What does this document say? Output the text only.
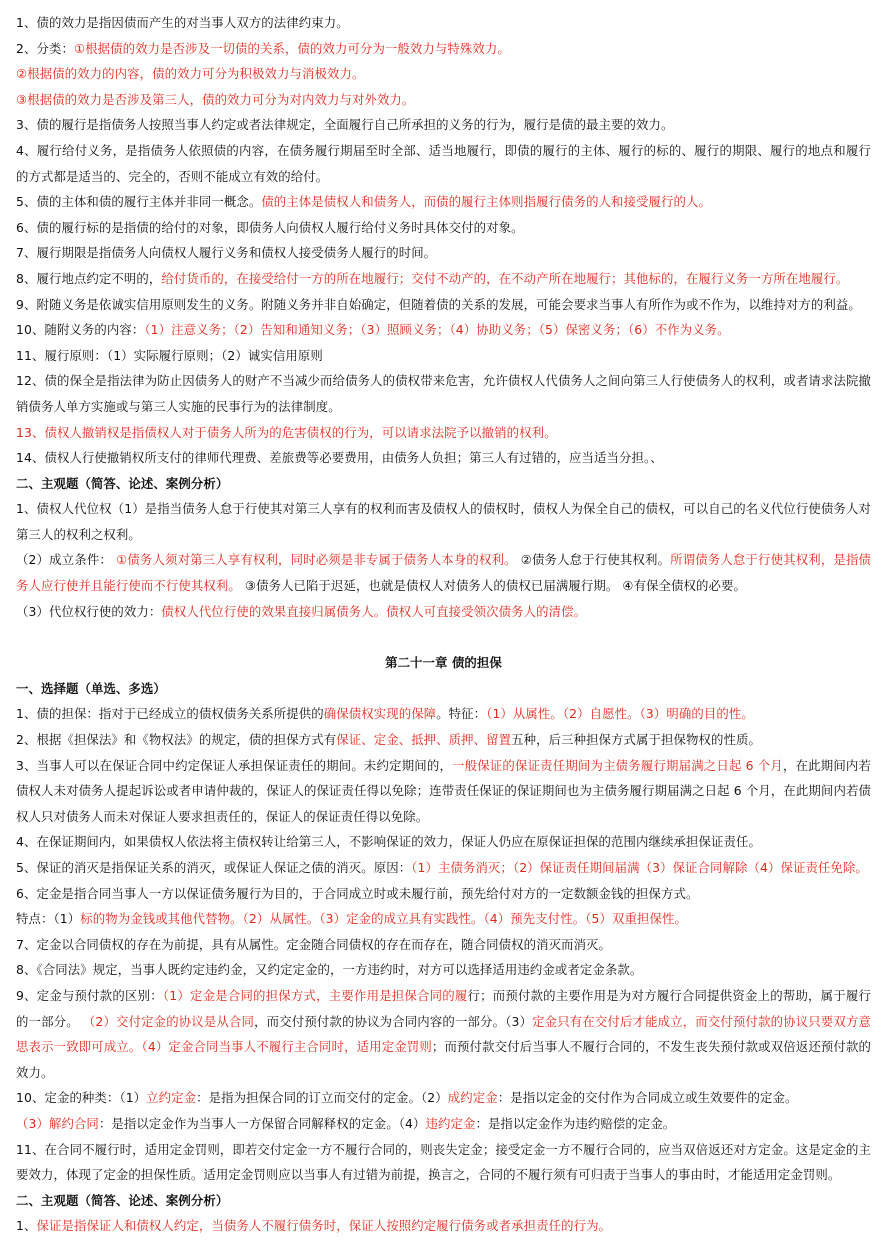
1、债的效力是指因债而产生的对当事人双方的法律约束力。

2、分类：①根据债的效力是否涉及一切债的关系，债的效力可分为一般效力与特殊效力。

②根据债的效力的内容，债的效力可分为积极效力与消极效力。

③根据债的效力是否涉及第三人，债的效力可分为对内效力与对外效力。

3、债的履行是指债务人按照当事人约定或者法律规定，全面履行自己所承担的义务的行为，履行是债的最主要的效力。

4、履行给付义务，是指债务人依照债的内容，在债务履行期届至时全部、适当地履行，即债的履行的主体、履行的标的、履行的期限、履行的地点和履行的方式都是适当的、完全的，否则不能成立有效的给付。

5、债的主体和债的履行主体并非同一概念。债的主体是债权人和债务人，而债的履行主体则指履行债务的人和接受履行的人。

6、债的履行标的是指债的给付的对象，即债务人向债权人履行给付义务时具体交付的对象。

7、履行期限是指债务人向债权人履行义务和债权人接受债务人履行的时间。

8、履行地点约定不明的，给付货币的，在接受给付一方的所在地履行；交付不动产的，在不动产所在地履行；其他标的，在履行义务一方所在地履行。

9、附随义务是依诚实信用原则发生的义务。附随义务并非自始确定，但随着债的关系的发展，可能会要求当事人有所作为或不作为，以维持对方的利益。

10、随附义务的内容：（1）注意义务；（2）告知和通知义务；（3）照顾义务；（4）协助义务；（5）保密义务；（6）不作为义务。

11、履行原则：（1）实际履行原则；（2）诚实信用原则

12、债的保全是指法律为防止因债务人的财产不当减少而给债务人的债权带来危害，允许债权人代债务人之间向第三人行使债务人的权利，或者请求法院撤销债务人单方实施或与第三人实施的民事行为的法律制度。

13、债权人撤销权是指债权人对于债务人所为的危害债权的行为，可以请求法院予以撤销的权利。

14、债权人行使撤销权所支付的律师代理费、差旅费等必要费用，由债务人负担；第三人有过错的，应当适当分担。、

二、主观题（简答、论述、案例分析）

1、债权人代位权（1）是指当债务人怠于行使其对第三人享有的权利而害及债权人的债权时，债权人为保全自己的债权，可以自己的名义代位行使债务人对第三人的权利之权利。

（2）成立条件： ①债务人须对第三人享有权利，同时必须是非专属于债务人本身的权利。 ②债务人怠于行使其权利。所谓债务人怠于行使其权利，是指债务人应行使并且能行使而不行使其权利。 ③债务人已陷于迟延，也就是债权人对债务人的债权已届满履行期。 ④有保全债权的必要。

（3）代位权行使的效力：债权人代位行使的效果直接归属债务人。债权人可直接受领次债务人的清偿。

第二十一章 债的担保

一、选择题（单选、多选）

1、债的担保：指对于已经成立的债权债务关系所提供的确保债权实现的保障。特征：（1）从属性。（2）自愿性。（3）明确的目的性。

2、根据《担保法》和《物权法》的规定，债的担保方式有保证、定金、抵押、质押、留置五种，后三种担保方式属于担保物权的性质。

3、当事人可以在保证合同中约定保证人承担保证责任的期间。未约定期间的，一般保证的保证责任期间为主债务履行期届满之日起 6 个月，在此期间内若债权人未对债务人提起诉讼或者申请仲裁的，保证人的保证责任得以免除；连带责任保证的保证期间也为主债务履行期届满之日起 6 个月，在此期间内若债权人只对债务人而未对保证人要求担责任的，保证人的保证责任得以免除。

4、在保证期间内，如果债权人依法将主债权转让给第三人，不影响保证的效力，保证人仍应在原保证担保的范围内继续承担保证责任。

5、保证的消灭是指保证关系的消灭，或保证人保证之债的消灭。原因：（1）主债务消灭；（2）保证责任期间届满（3）保证合同解除（4）保证责任免除。

6、定金是指合同当事人一方以保证债务履行为目的，于合同成立时或未履行前，预先给付对方的一定数额金钱的担保方式。

特点：（1）标的物为金钱或其他代替物。（2）从属性。（3）定金的成立具有实践性。（4）预先支付性。（5）双重担保性。

7、定金以合同债权的存在为前提，具有从属性。定金随合同债权的存在而存在，随合同债权的消灭而消灭。

8、《合同法》规定，当事人既约定违约金，又约定定金的，一方违约时，对方可以选择适用违约金或者定金条款。

9、定金与预付款的区别：（1）定金是合同的担保方式，主要作用是担保合同的履行；而预付款的主要作用是为对方履行合同提供资金上的帮助，属于履行的一部分。 （2）交付定金的协议是从合同，而交付预付款的协议为合同内容的一部分。（3）定金只有在交付后才能成立，而交付预付款的协议只要双方意思表示一致即可成立。（4）定金合同当事人不履行主合同时，适用定金罚则；而预付款交付后当事人不履行合同的，不发生丧失预付款或双倍返还预付款的效力。

10、定金的种类：（1）立约定金：是指为担保合同的订立而交付的定金。（2）成约定金：是指以定金的交付作为合同成立或生效要件的定金。

（3）解约合同：是指以定金作为当事人一方保留合同解释权的定金。（4）违约定金：是指以定金作为违约赔偿的定金。

11、在合同不履行时，适用定金罚则，即若交付定金一方不履行合同的，则丧失定金；接受定金一方不履行合同的，应当双倍返还对方定金。这是定金的主要效力，体现了定金的担保性质。适用定金罚则应以当事人有过错为前提，换言之，合同的不履行须有可归责于当事人的事由时，才能适用定金罚则。

二、主观题（简答、论述、案例分析）

1、保证是指保证人和债权人约定，当债务人不履行债务时，保证人按照约定履行债务或者承担责任的行为。
